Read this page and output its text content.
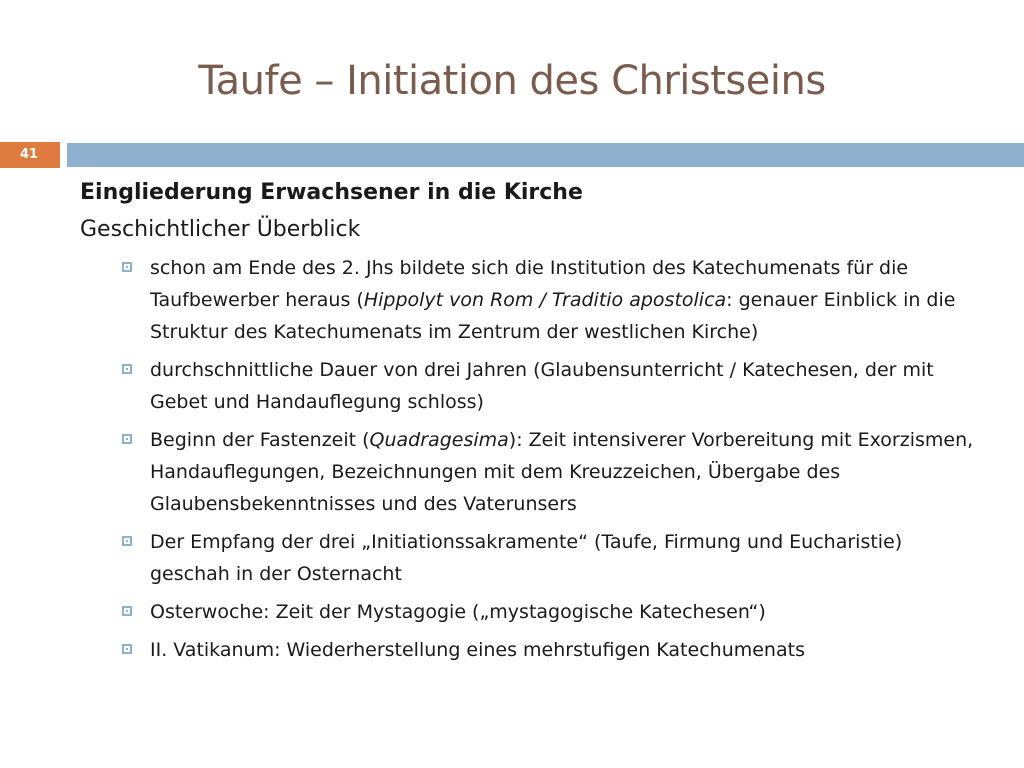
Taufe – Initiation des Christseins
41
Eingliederung Erwachsener in die Kirche
Geschichtlicher Überblick
schon am Ende des 2. Jhs bildete sich die Institution des Katechumenats für die Taufbewerber heraus (Hippolyt von Rom / Traditio apostolica: genauer Einblick in die Struktur des Katechumenats im Zentrum der westlichen Kirche)
durchschnittliche Dauer von drei Jahren (Glaubensunterricht / Katechesen, der mit Gebet und Handauflegung schloss)
Beginn der Fastenzeit (Quadragesima): Zeit intensiverer Vorbereitung mit Exorzismen, Handauflegungen, Bezeichnungen mit dem Kreuzzeichen, Übergabe des Glaubensbekenntnisses und des Vaterunsers
Der Empfang der drei „Initiationssakramente“ (Taufe, Firmung und Eucharistie) geschah in der Osternacht
Osterwoche: Zeit der Mystagogie („mystagogische Katechesen“)
II. Vatikanum: Wiederherstellung eines mehrstufigen Katechumenats
